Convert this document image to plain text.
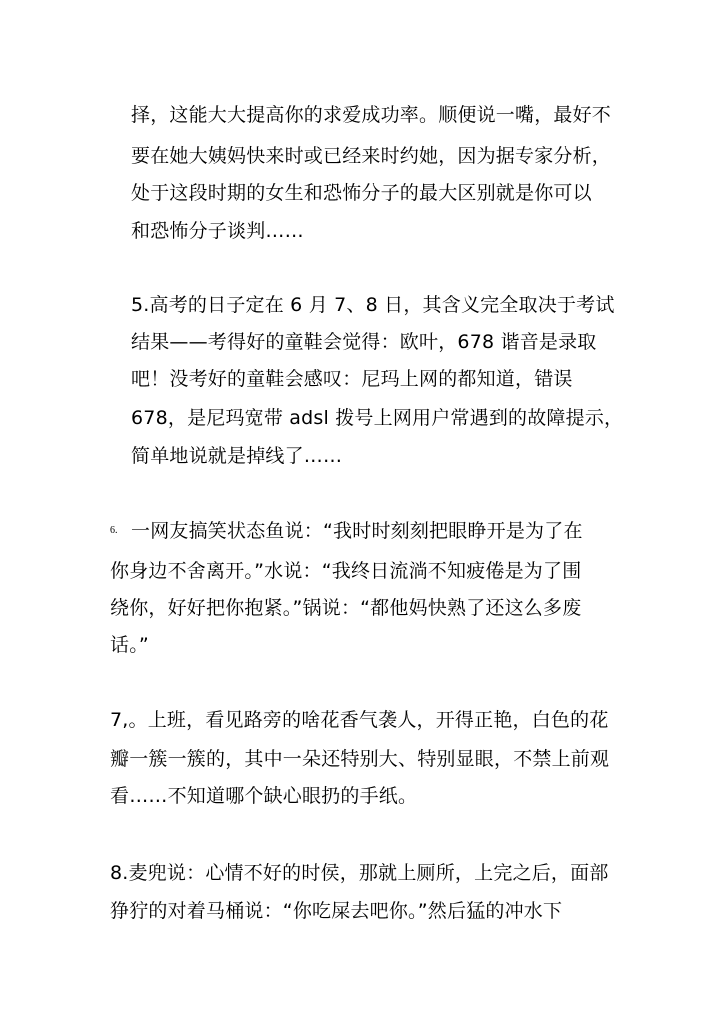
择，这能大大提高你的求爱成功率。顺便说一嘴，最好不
要在她大姨妈快来时或已经来时约她，因为据专家分析，
处于这段时期的女生和恐怖分子的最大区别就是你可以
和恐怖分子谈判……
5.高考的日子定在 6 月 7、8 日，其含义完全取决于考试
结果——考得好的童鞋会觉得：欧叶，678 谐音是录取
吧！没考好的童鞋会感叹：尼玛上网的都知道，错误
678，是尼玛宽带 adsl 拨号上网用户常遇到的故障提示，
简单地说就是掉线了……
6. 一网友搞笑状态鱼说：“我时时刻刻把眼睁开是为了在
你身边不舍离开。”水说：“我终日流淌不知疲倦是为了围
绕你，好好把你抱紧。”锅说：“都他妈快熟了还这么多废
话。”
7,。上班，看见路旁的啥花香气袭人，开得正艳，白色的花
瓣一簇一簇的，其中一朵还特别大、特别显眼，不禁上前观
看……不知道哪个缺心眼扔的手纸。
8.麦兜说：心情不好的时侯，那就上厕所，上完之后，面部
狰狞的对着马桶说：“你吃屎去吧你。”然后猛的冲水下
